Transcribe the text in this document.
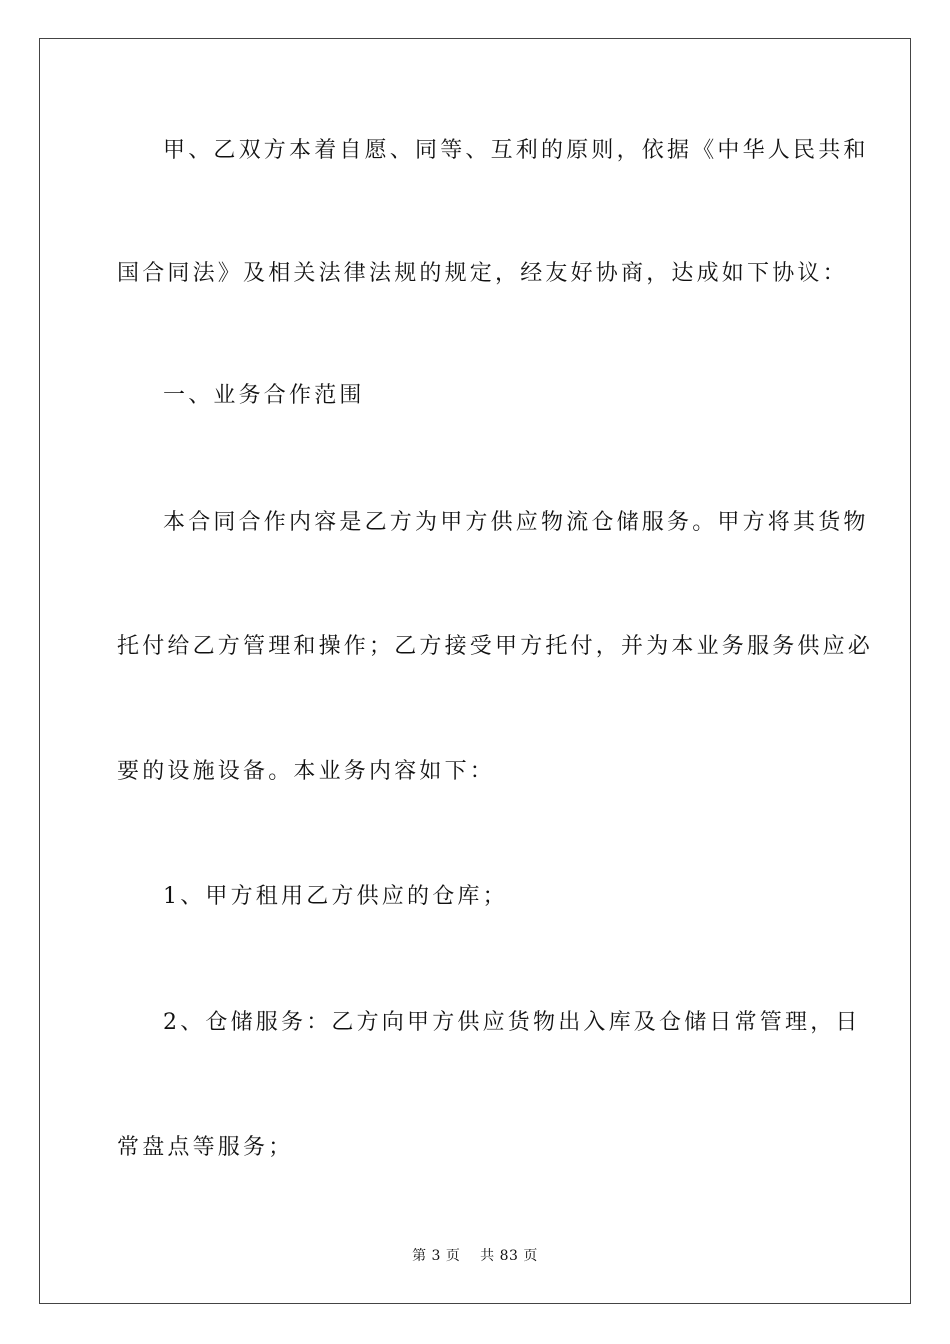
甲、乙双方本着自愿、同等、互利的原则，依据《中华人民共和
国合同法》及相关法律法规的规定，经友好协商，达成如下协议：
一、业务合作范围
本合同合作内容是乙方为甲方供应物流仓储服务。甲方将其货物
托付给乙方管理和操作；乙方接受甲方托付，并为本业务服务供应必
要的设施设备。本业务内容如下：
1、甲方租用乙方供应的仓库；
2、仓储服务：乙方向甲方供应货物出入库及仓储日常管理，日
常盘点等服务；
第 3 页    共 83 页
